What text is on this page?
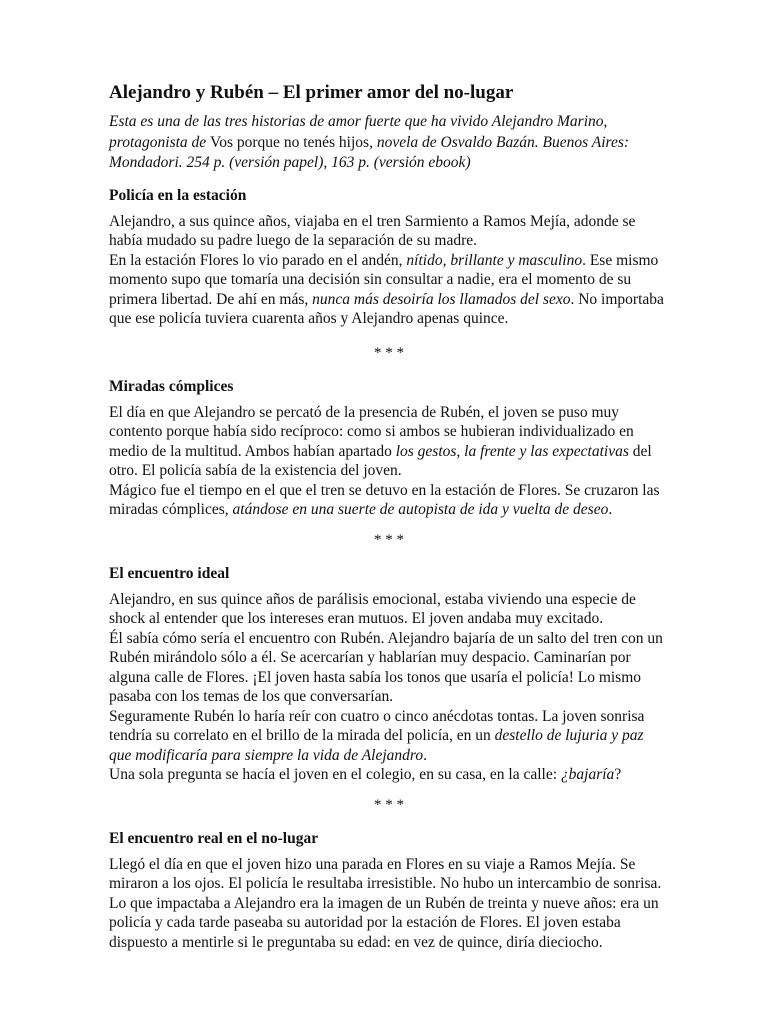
Alejandro y Rubén – El primer amor del no-lugar

Esta es una de las tres historias de amor fuerte que ha vivido Alejandro Marino, protagonista de Vos porque no tenés hijos, novela de Osvaldo Bazán. Buenos Aires: Mondadori. 254 p. (versión papel), 163 p. (versión ebook)

Policía en la estación

Alejandro, a sus quince años, viajaba en el tren Sarmiento a Ramos Mejía, adonde se había mudado su padre luego de la separación de su madre.

En la estación Flores lo vio parado en el andén, nítido, brillante y masculino. Ese mismo momento supo que tomaría una decisión sin consultar a nadie, era el momento de su primera libertad. De ahí en más, nunca más desoiría los llamados del sexo. No importaba que ese policía tuviera cuarenta años y Alejandro apenas quince.

* * *
Miradas cómplices

El día en que Alejandro se percató de la presencia de Rubén, el joven se puso muy contento porque había sido recíproco: como si ambos se hubieran individualizado en medio de la multitud. Ambos habían apartado los gestos, la frente y las expectativas del otro. El policía sabía de la existencia del joven.

Mágico fue el tiempo en el que el tren se detuvo en la estación de Flores. Se cruzaron las miradas cómplices, atándose en una suerte de autopista de ida y vuelta de deseo.

* * *
El encuentro ideal

Alejandro, en sus quince años de parálisis emocional, estaba viviendo una especie de shock al entender que los intereses eran mutuos. El joven andaba muy excitado.

Él sabía cómo sería el encuentro con Rubén. Alejandro bajaría de un salto del tren con un Rubén mirándolo sólo a él. Se acercarían y hablarían muy despacio. Caminarían por alguna calle de Flores. ¡El joven hasta sabía los tonos que usaría el policía! Lo mismo pasaba con los temas de los que conversarían.

Seguramente Rubén lo haría reír con cuatro o cinco anécdotas tontas. La joven sonrisa tendría su correlato en el brillo de la mirada del policía, en un destello de lujuria y paz que modificaría para siempre la vida de Alejandro.

Una sola pregunta se hacía el joven en el colegio, en su casa, en la calle: ¿bajaría?

* * *
El encuentro real en el no-lugar

Llegó el día en que el joven hizo una parada en Flores en su viaje a Ramos Mejía. Se miraron a los ojos. El policía le resultaba irresistible. No hubo un intercambio de sonrisa. Lo que impactaba a Alejandro era la imagen de un Rubén de treinta y nueve años: era un policía y cada tarde paseaba su autoridad por la estación de Flores. El joven estaba dispuesto a mentirle si le preguntaba su edad: en vez de quince, diría dieciocho.
